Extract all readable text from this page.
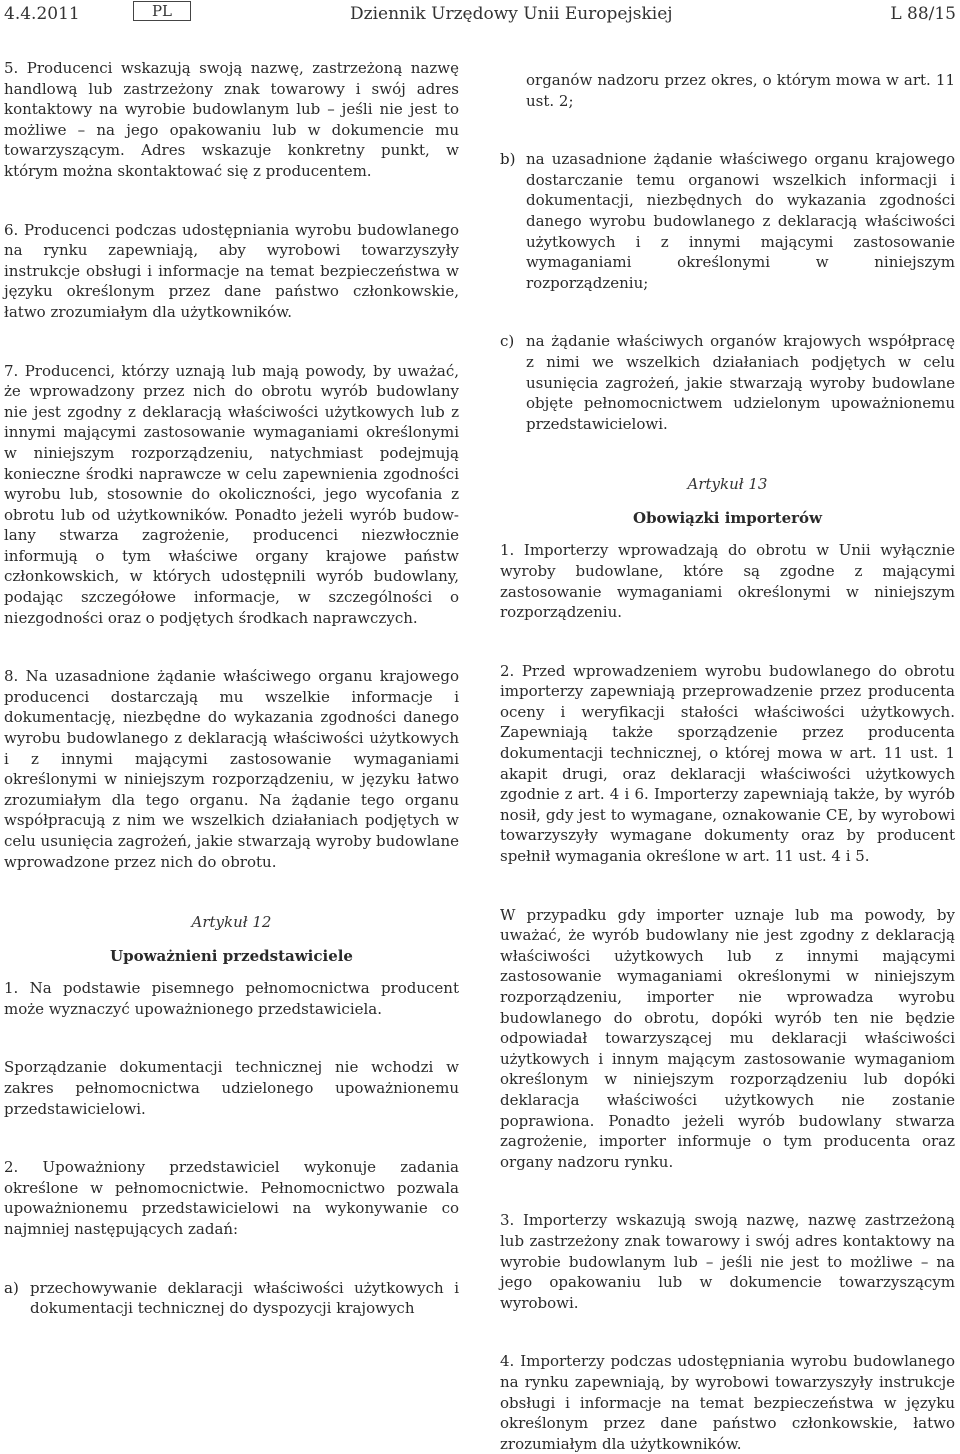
4.4.2011	PL	Dziennik Urzędowy Unii Europejskiej	L 88/15

5. Producenci wskazują swoją nazwę, zastrzeżoną nazwę handlową lub zastrzeżony znak towarowy i swój adres kontaktowy na wyrobie budowlanym lub – jeśli nie jest to możliwe – na jego opakowaniu lub w dokumencie mu towarzyszącym. Adres wskazuje konkretny punkt, w którym można skontaktować się z producentem.

6. Producenci podczas udostępniania wyrobu budowlanego na rynku zapewniają, aby wyrobowi towarzyszyły instrukcje obsługi i informacje na temat bezpieczeństwa w języku określonym przez dane państwo członkowskie, łatwo zrozumiałym dla użytkowników.

7. Producenci, którzy uznają lub mają powody, by uważać, że wprowadzony przez nich do obrotu wyrób budowlany nie jest zgodny z deklaracją właściwości użytkowych lub z innymi mającymi zastosowanie wymaganiami określonymi w niniejszym rozporządzeniu, natychmiast podejmują konieczne środki naprawcze w celu zapewnienia zgodności wyrobu lub, stosownie do okoliczności, jego wycofania z obrotu lub od użytkowników. Ponadto jeżeli wyrób budowlany stwarza zagrożenie, producenci niezwłocznie informują o tym właściwe organy krajowe państw członkowskich, w których udostępnili wyrób budowlany, podając szczegółowe informacje, w szczególności o niezgodności oraz o podjętych środkach naprawczych.

8. Na uzasadnione żądanie właściwego organu krajowego producenci dostarczają mu wszelkie informacje i dokumentację, niezbędne do wykazania zgodności danego wyrobu budowlanego z deklaracją właściwości użytkowych i z innymi mającymi zastosowanie wymaganiami określonymi w niniejszym rozporządzeniu, w języku łatwo zrozumiałym dla tego organu. Na żądanie tego organu współpracują z nim we wszelkich działaniach podjętych w celu usunięcia zagrożeń, jakie stwarzają wyroby budowlane wprowadzone przez nich do obrotu.

Artykuł 12
Upoważnieni przedstawiciele

1. Na podstawie pisemnego pełnomocnictwa producent może wyznaczyć upoważnionego przedstawiciela.

Sporządzanie dokumentacji technicznej nie wchodzi w zakres pełnomocnictwa udzielonego upoważnionemu przedstawicielowi.

2. Upoważniony przedstawiciel wykonuje zadania określone w pełnomocnictwie. Pełnomocnictwo pozwala upoważnionemu przedstawicielowi na wykonywanie co najmniej następujących zadań:

a) przechowywanie deklaracji właściwości użytkowych i dokumentacji technicznej do dyspozycji krajowych

organów nadzoru przez okres, o którym mowa w art. 11 ust. 2;

b) na uzasadnione żądanie właściwego organu krajowego dostarczanie temu organowi wszelkich informacji i dokumentacji, niezbędnych do wykazania zgodności danego wyrobu budowlanego z deklaracją właściwości użytkowych i z innymi mającymi zastosowanie wymaganiami określonymi w niniejszym rozporządzeniu;

c) na żądanie właściwych organów krajowych współpracę z nimi we wszelkich działaniach podjętych w celu usunięcia zagrożeń, jakie stwarzają wyroby budowlane objęte pełnomocnictwem udzielonym upoważnionemu przedstawicielowi.

Artykuł 13
Obowiązki importerów

1. Importerzy wprowadzają do obrotu w Unii wyłącznie wyroby budowlane, które są zgodne z mającymi zastosowanie wymaganiami określonymi w niniejszym rozporządzeniu.

2. Przed wprowadzeniem wyrobu budowlanego do obrotu importerzy zapewniają przeprowadzenie przez producenta oceny i weryfikacji stałości właściwości użytkowych. Zapewniają także sporządzenie przez producenta dokumentacji technicznej, o której mowa w art. 11 ust. 1 akapit drugi, oraz deklaracji właściwości użytkowych zgodnie z art. 4 i 6. Importerzy zapewniają także, by wyrób nosił, gdy jest to wymagane, oznakowanie CE, by wyrobowi towarzyszyły wymagane dokumenty oraz by producent spełnił wymagania określone w art. 11 ust. 4 i 5.

W przypadku gdy importer uznaje lub ma powody, by uważać, że wyrób budowlany nie jest zgodny z deklaracją właściwości użytkowych lub z innymi mającymi zastosowanie wymaganiami określonymi w niniejszym rozporządzeniu, importer nie wprowadza wyrobu budowlanego do obrotu, dopóki wyrób ten nie będzie odpowiadał towarzyszącej mu deklaracji właściwości użytkowych i innym mającym zastosowanie wymaganiom określonym w niniejszym rozporządzeniu lub dopóki deklaracja właściwości użytkowych nie zostanie poprawiona. Ponadto jeżeli wyrób budowlany stwarza zagrożenie, importer informuje o tym producenta oraz organy nadzoru rynku.

3. Importerzy wskazują swoją nazwę, nazwę zastrzeżoną lub zastrzeżony znak towarowy i swój adres kontaktowy na wyrobie budowlanym lub – jeśli nie jest to możliwe – na jego opakowaniu lub w dokumencie towarzyszącym wyrobowi.

4. Importerzy podczas udostępniania wyrobu budowlanego na rynku zapewniają, by wyrobowi towarzyszyły instrukcje obsługi i informacje na temat bezpieczeństwa w języku określonym przez dane państwo członkowskie, łatwo zrozumiałym dla użytkowników.
